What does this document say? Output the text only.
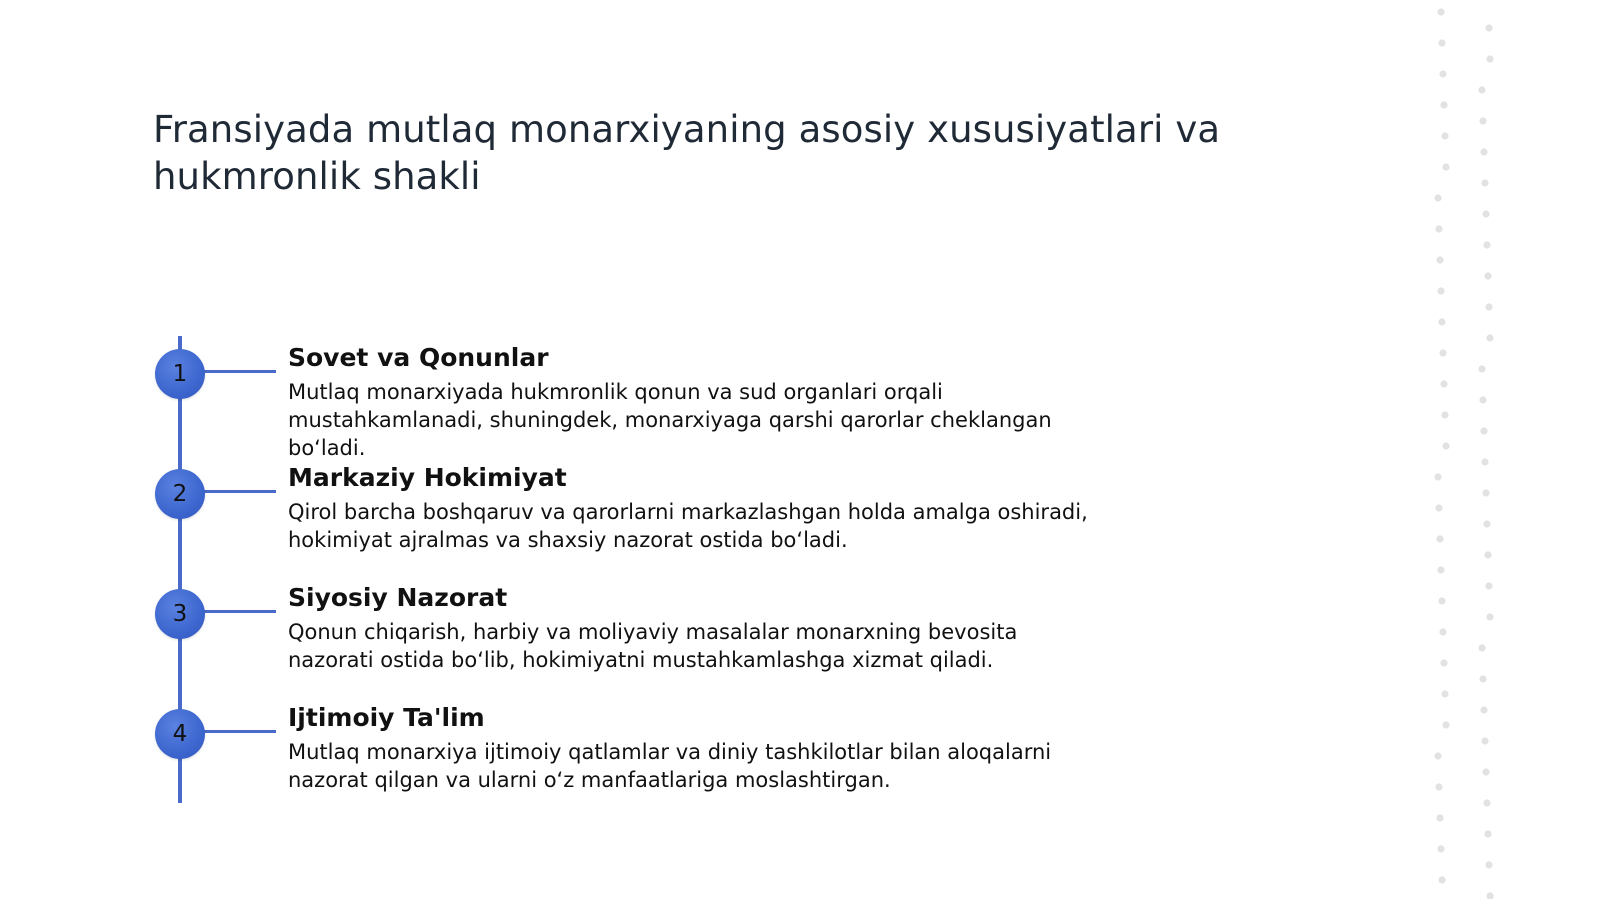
Fransiyada mutlaq monarxiyaning asosiy xususiyatlari va hukmronlik shakli
1
Sovet va Qonunlar

Mutlaq monarxiyada hukmronlik qonun va sud organlari orqali mustahkamlanadi, shuningdek, monarxiyaga qarshi qarorlar cheklangan bo‘ladi.

2
Markaziy Hokimiyat

Qirol barcha boshqaruv va qarorlarni markazlashgan holda amalga oshiradi, hokimiyat ajralmas va shaxsiy nazorat ostida bo‘ladi.

3
Siyosiy Nazorat

Qonun chiqarish, harbiy va moliyaviy masalalar monarxning bevosita nazorati ostida bo‘lib, hokimiyatni mustahkamlashga xizmat qiladi.

4
Ijtimoiy Ta'lim

Mutlaq monarxiya ijtimoiy qatlamlar va diniy tashkilotlar bilan aloqalarni nazorat qilgan va ularni o‘z manfaatlariga moslashtirgan.
